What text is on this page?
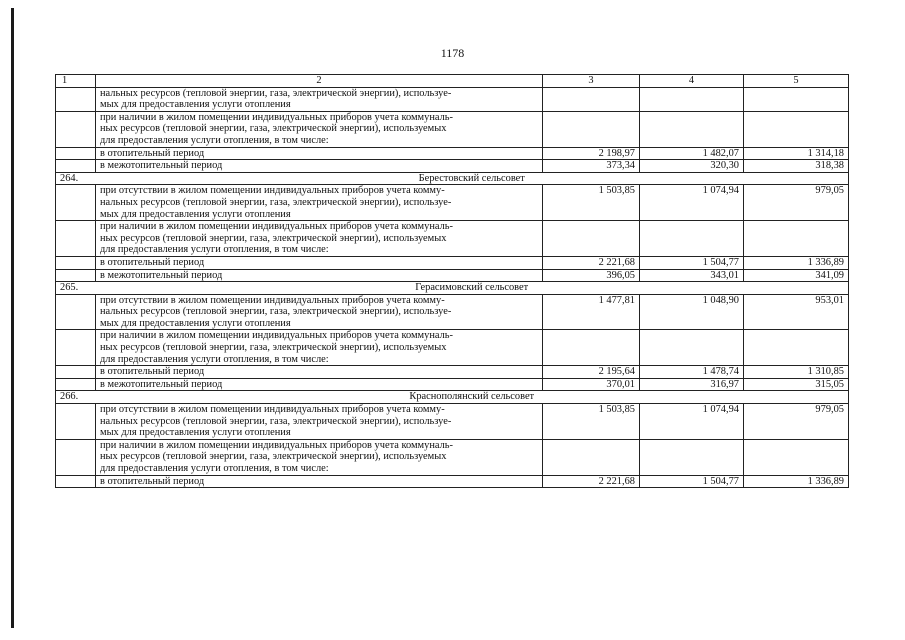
1178
1	2	3	4	5
	нальных ресурсов (тепловой энергии, газа, электрической энергии), используе-
мых для предоставления услуги отопления			
	при наличии в жилом помещении индивидуальных приборов учета коммуналь-
ных ресурсов (тепловой энергии, газа, электрической энергии), используемых
для предоставления услуги отопления, в том числе:			
	в отопительный период	2 198,97	1 482,07	1 314,18
	в межотопительный период	373,34	320,30	318,38
264.	Берестовский сельсовет			
	при отсутствии в жилом помещении индивидуальных приборов учета комму-
нальных ресурсов (тепловой энергии, газа, электрической энергии), используе-
мых для предоставления услуги отопления	1 503,85	1 074,94	979,05
	при наличии в жилом помещении индивидуальных приборов учета коммуналь-
ных ресурсов (тепловой энергии, газа, электрической энергии), используемых
для предоставления услуги отопления, в том числе:			
	в отопительный период	2 221,68	1 504,77	1 336,89
	в межотопительный период	396,05	343,01	341,09
265.	Герасимовский сельсовет			
	при отсутствии в жилом помещении индивидуальных приборов учета комму-
нальных ресурсов (тепловой энергии, газа, электрической энергии), используе-
мых для предоставления услуги отопления	1 477,81	1 048,90	953,01
	при наличии в жилом помещении индивидуальных приборов учета коммуналь-
ных ресурсов (тепловой энергии, газа, электрической энергии), используемых
для предоставления услуги отопления, в том числе:			
	в отопительный период	2 195,64	1 478,74	1 310,85
	в межотопительный период	370,01	316,97	315,05
266.	Краснополянский сельсовет			
	при отсутствии в жилом помещении индивидуальных приборов учета комму-
нальных ресурсов (тепловой энергии, газа, электрической энергии), используе-
мых для предоставления услуги отопления	1 503,85	1 074,94	979,05
	при наличии в жилом помещении индивидуальных приборов учета коммуналь-
ных ресурсов (тепловой энергии, газа, электрической энергии), используемых
для предоставления услуги отопления, в том числе:			
	в отопительный период	2 221,68	1 504,77	1 336,89
